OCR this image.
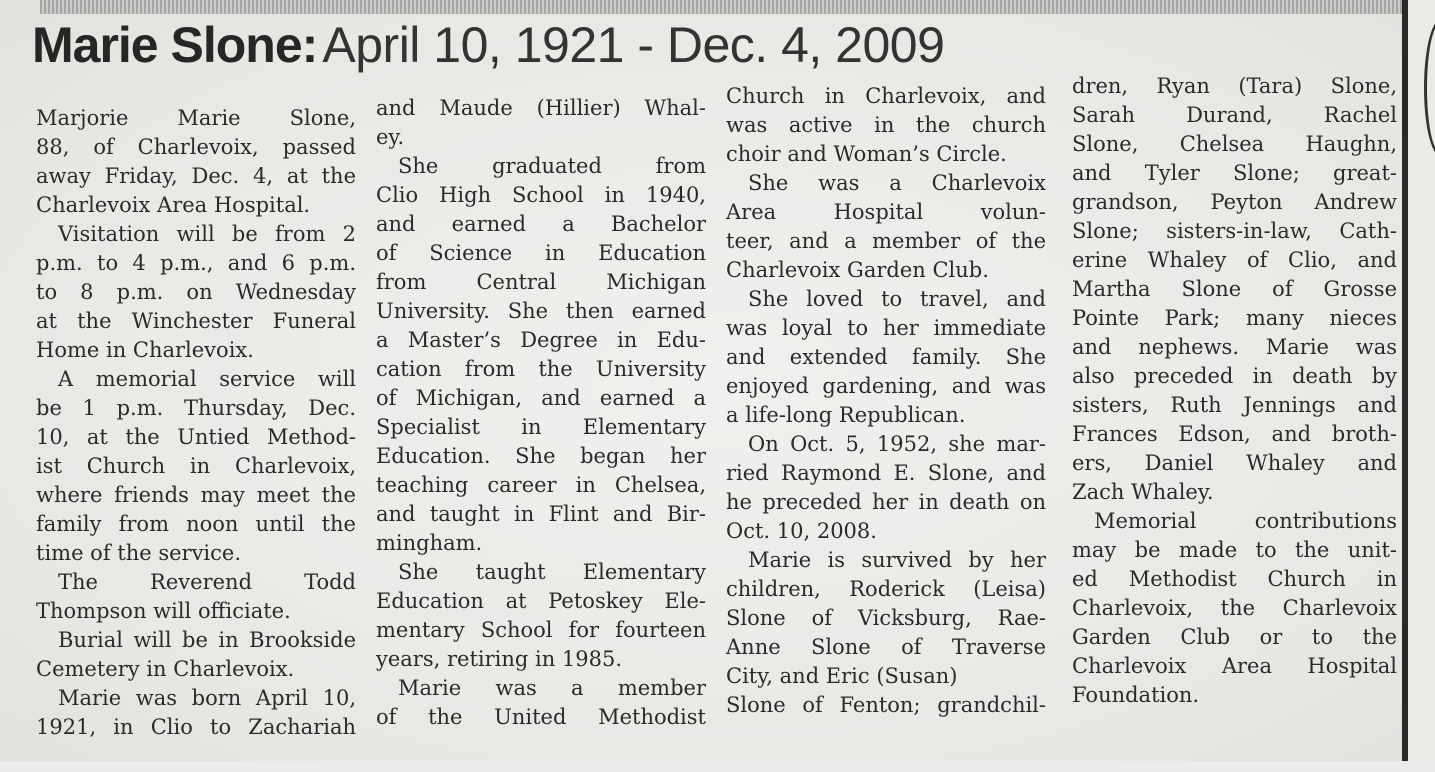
Marie Slone: April 10, 1921 - Dec. 4, 2009
Marjorie Marie Slone,
88, of Charlevoix, passed
away Friday, Dec. 4, at the
Charlevoix Area Hospital.
Visitation will be from 2
p.m. to 4 p.m., and 6 p.m.
to 8 p.m. on Wednesday
at the Winchester Funeral
Home in Charlevoix.
A memorial service will
be 1 p.m. Thursday, Dec.
10, at the Untied Method-
ist Church in Charlevoix,
where friends may meet the
family from noon until the
time of the service.
The Reverend Todd
Thompson will officiate.
Burial will be in Brookside
Cemetery in Charlevoix.
Marie was born April 10,
1921, in Clio to Zachariah
and Maude (Hillier) Whal-
ey.
She graduated from
Clio High School in 1940,
and earned a Bachelor
of Science in Education
from Central Michigan
University. She then earned
a Master’s Degree in Edu-
cation from the University
of Michigan, and earned a
Specialist in Elementary
Education. She began her
teaching career in Chelsea,
and taught in Flint and Bir-
mingham.
She taught Elementary
Education at Petoskey Ele-
mentary School for fourteen
years, retiring in 1985.
Marie was a member
of the United Methodist
Church in Charlevoix, and
was active in the church
choir and Woman’s Circle.
She was a Charlevoix
Area Hospital volun-
teer, and a member of the
Charlevoix Garden Club.
She loved to travel, and
was loyal to her immediate
and extended family. She
enjoyed gardening, and was
a life-long Republican.
On Oct. 5, 1952, she mar-
ried Raymond E. Slone, and
he preceded her in death on
Oct. 10, 2008.
Marie is survived by her
children, Roderick (Leisa)
Slone of Vicksburg, Rae-
Anne Slone of Traverse
City, and Eric (Susan)
Slone of Fenton; grandchil-
dren, Ryan (Tara) Slone,
Sarah Durand, Rachel
Slone, Chelsea Haughn,
and Tyler Slone; great-
grandson, Peyton Andrew
Slone; sisters-in-law, Cath-
erine Whaley of Clio, and
Martha Slone of Grosse
Pointe Park; many nieces
and nephews. Marie was
also preceded in death by
sisters, Ruth Jennings and
Frances Edson, and broth-
ers, Daniel Whaley and
Zach Whaley.
Memorial contributions
may be made to the unit-
ed Methodist Church in
Charlevoix, the Charlevoix
Garden Club or to the
Charlevoix Area Hospital
Foundation.
